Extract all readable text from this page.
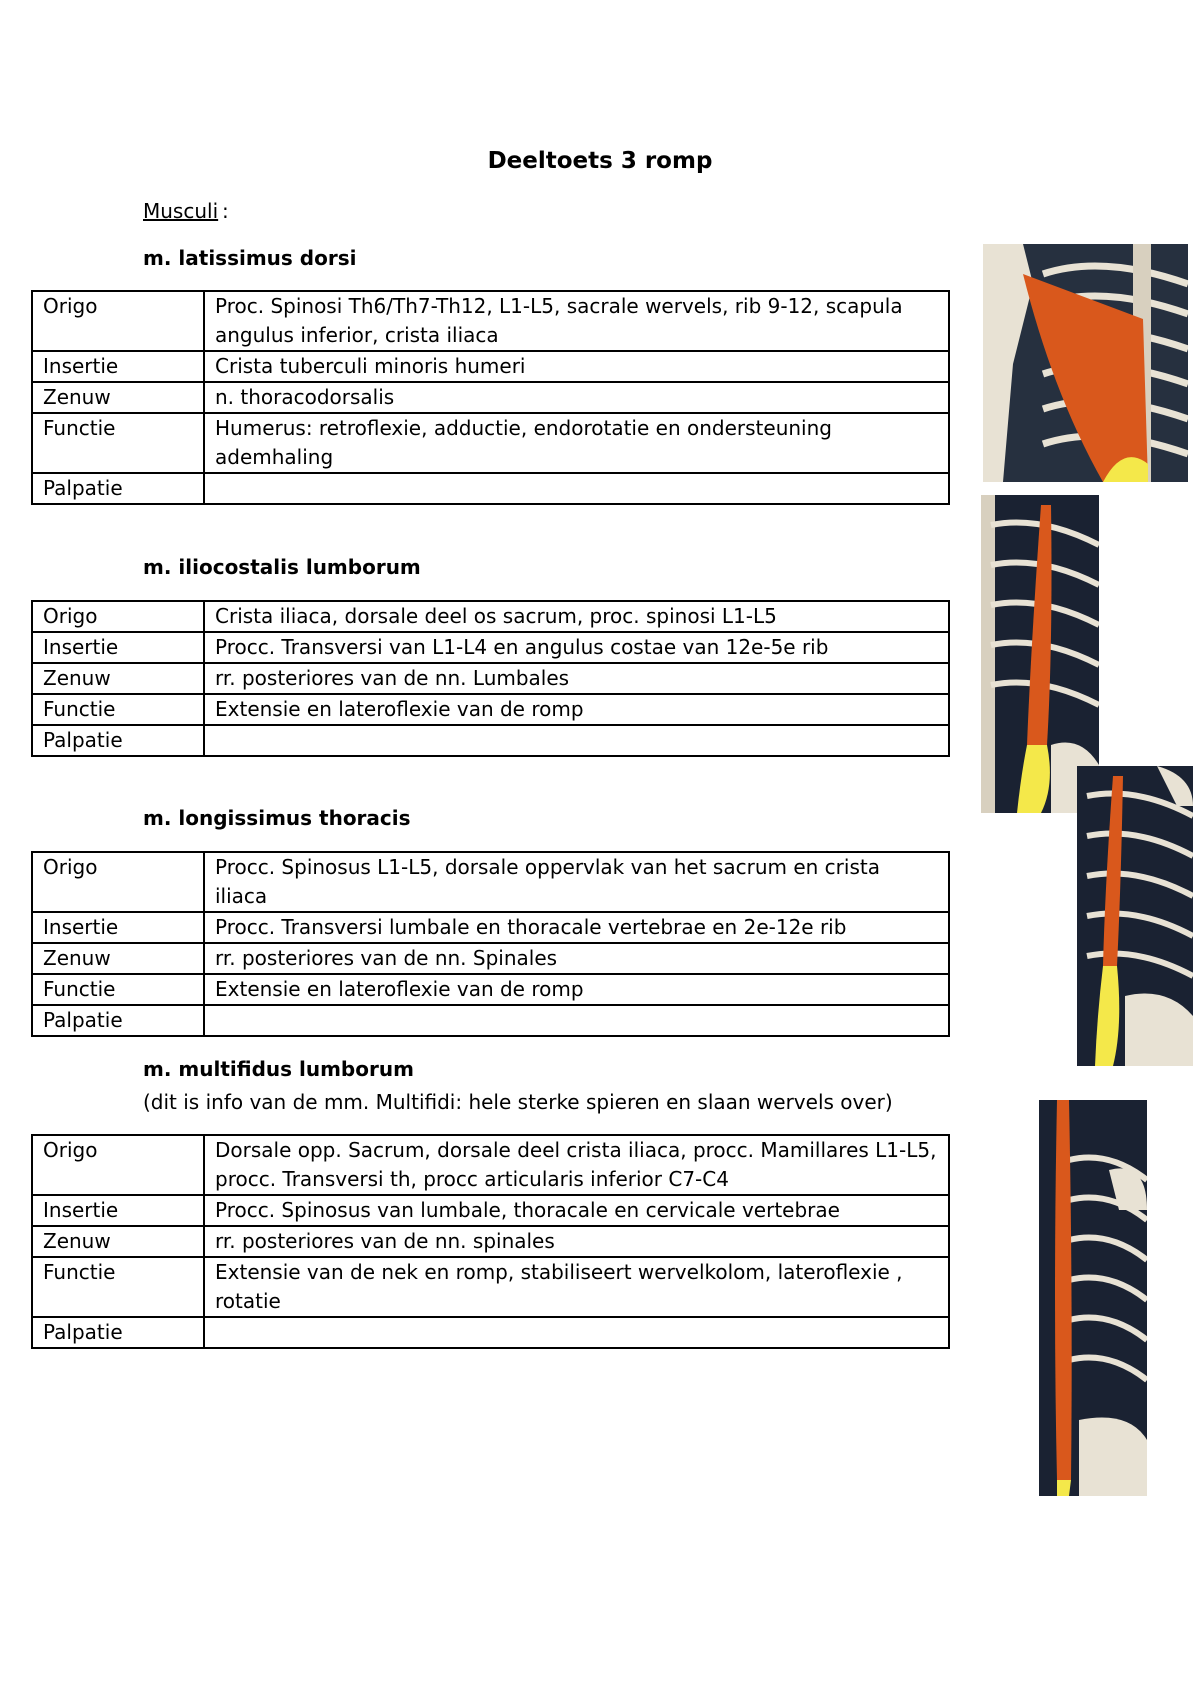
Deeltoets 3 romp
Musculi :
m. latissimus dorsi
Origo	Proc. Spinosi Th6/Th7-Th12, L1-L5, sacrale wervels, rib 9-12, scapula angulus inferior, crista iliaca
Insertie	Crista tuberculi minoris humeri
Zenuw	n. thoracodorsalis
Functie	Humerus: retroflexie, adductie, endorotatie en ondersteuning ademhaling
Palpatie	
m. iliocostalis lumborum
Origo	Crista iliaca, dorsale deel os sacrum, proc. spinosi L1-L5
Insertie	Procc. Transversi van L1-L4 en angulus costae van 12e-5e rib
Zenuw	rr. posteriores van de nn. Lumbales
Functie	Extensie en lateroflexie van de romp
Palpatie	
m. longissimus thoracis
Origo	Procc. Spinosus L1-L5, dorsale oppervlak van het sacrum en crista iliaca
Insertie	Procc. Transversi lumbale en thoracale vertebrae en 2e-12e rib
Zenuw	rr. posteriores van de nn. Spinales
Functie	Extensie en lateroflexie van de romp
Palpatie	
m. multifidus lumborum
(dit is info van de mm. Multifidi: hele sterke spieren en slaan wervels over)
Origo	Dorsale opp. Sacrum, dorsale deel crista iliaca, procc. Mamillares L1-L5, procc. Transversi th, procc articularis inferior C7-C4
Insertie	Procc. Spinosus van lumbale, thoracale en cervicale vertebrae
Zenuw	rr. posteriores van de nn. spinales
Functie	Extensie van de nek en romp, stabiliseert wervelkolom, lateroflexie , rotatie
Palpatie	
